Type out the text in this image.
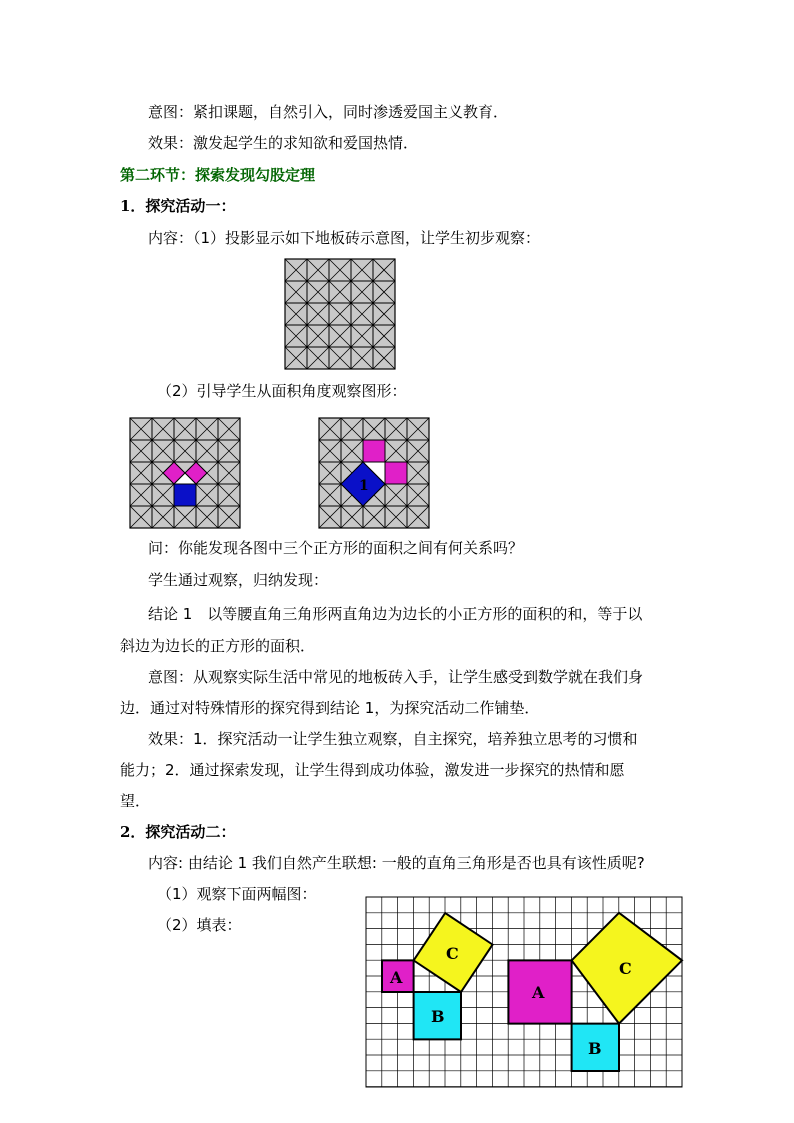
意图：紧扣课题，自然引入，同时渗透爱国主义教育．
效果：激发起学生的求知欲和爱国热情．
第二环节：探索发现勾股定理
1．探究活动一：
内容：（1）投影显示如下地板砖示意图，让学生初步观察：
（2）引导学生从面积角度观察图形：
1
问：你能发现各图中三个正方形的面积之间有何关系吗？
学生通过观察，归纳发现：
结论 1　以等腰直角三角形两直角边为边长的小正方形的面积的和，等于以
斜边为边长的正方形的面积．
意图：从观察实际生活中常见的地板砖入手，让学生感受到数学就在我们身
边．通过对特殊情形的探究得到结论 1，为探究活动二作铺垫．
效果：1．探究活动一让学生独立观察，自主探究，培养独立思考的习惯和
能力；2．通过探索发现，让学生得到成功体验，激发进一步探究的热情和愿
望．
2．探究活动二：
内容: 由结论 1 我们自然产生联想: 一般的直角三角形是否也具有该性质呢?
（1）观察下面两幅图：
（2）填表：
A
B
C
A
B
C
